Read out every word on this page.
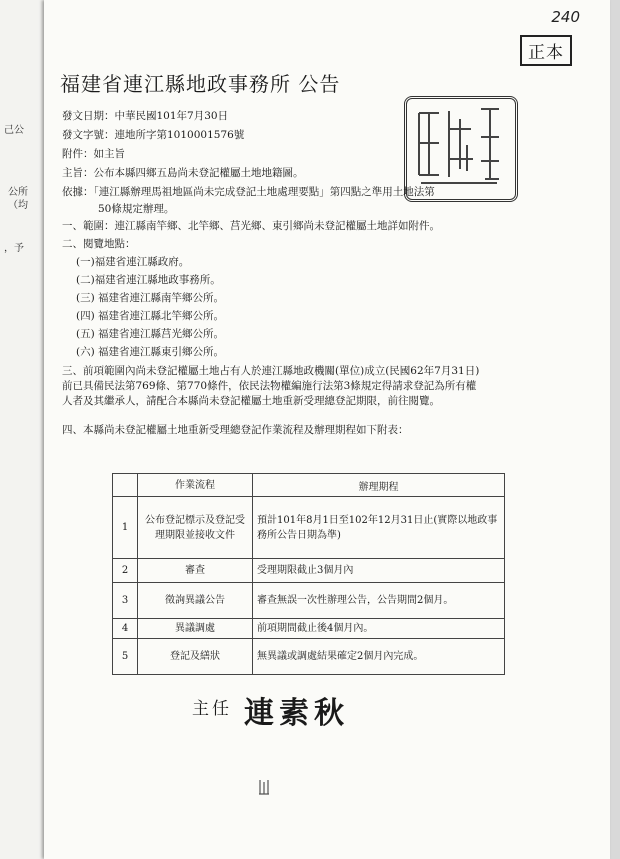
己公
公所
（均
，予
240
正本
福建省連江縣地政事務所 公告
發文日期：中華民國101年7月30日
發文字號：連地所字第1010001576號
附件：如主旨
主旨：公布本縣四鄉五島尚未登記權屬土地地籍圖。
依據：「連江縣辦理馬祖地區尚未完成登記土地處理要點」第四點之準用土地法第
50條規定辦理。
一、範圍：連江縣南竿鄉、北竿鄉、莒光鄉、東引鄉尚未登記權屬土地詳如附件。
二、閱覽地點：
(一)福建省連江縣政府。
(二)福建省連江縣地政事務所。
(三) 福建省連江縣南竿鄉公所。
(四) 福建省連江縣北竿鄉公所。
(五) 福建省連江縣莒光鄉公所。
(六) 福建省連江縣東引鄉公所。
三、前項範圍內尚未登記權屬土地占有人於連江縣地政機關(單位)成立(民國62年7月31日)前已具備民法第769條、第770條件，依民法物權編施行法第3條規定得請求登記為所有權人者及其繼承人，請配合本縣尚未登記權屬土地重新受理總登記期限，前往閱覽。
四、本縣尚未登記權屬土地重新受理總登記作業流程及辦理期程如下附表：
	作業流程	辦理期程
1	公布登記標示及登記受理期限並接收文件	預計101年8月1日至102年12月31日止(實際以地政事務所公告日期為準)
2	審查	受理期限截止3個月內
3	徵詢異議公告	審查無誤一次性辦理公告，公告期間2個月。
4	異議調處	前項期間截止後4個月內。
5	登記及繕狀	無異議或調處結果確定2個月內完成。
主任 連素秋
